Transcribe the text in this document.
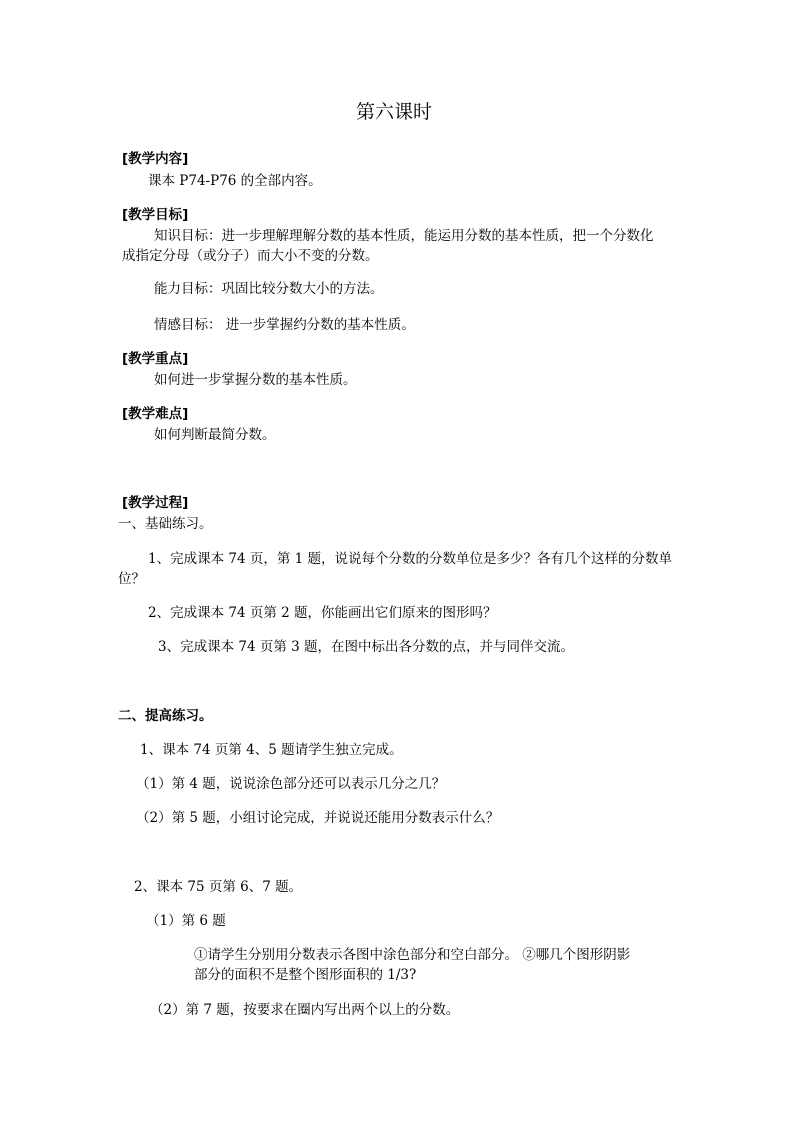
第六课时
[教学内容]
课本 P74-P76 的全部内容。
[教学目标]
知识目标：进一步理解理解分数的基本性质，能运用分数的基本性质，把一个分数化
成指定分母（或分子）而大小不变的分数。
能力目标：巩固比较分数大小的方法。
情感目标： 进一步掌握约分数的基本性质。
[教学重点]
如何进一步掌握分数的基本性质。
[教学难点]
如何判断最简分数。
[教学过程]
一、基础练习。
1、完成课本 74 页，第 1 题，说说每个分数的分数单位是多少？各有几个这样的分数单
位？
2、完成课本 74 页第 2 题，你能画出它们原来的图形吗？
3、完成课本 74 页第 3 题，在图中标出各分数的点，并与同伴交流。
二、提高练习。
1、课本 74 页第 4、5 题请学生独立完成。
（1）第 4 题，说说涂色部分还可以表示几分之几？
（2）第 5 题，小组讨论完成，并说说还能用分数表示什么？
2、课本 75 页第 6、7 题。
（1）第 6 题
①请学生分别用分数表示各图中涂色部分和空白部分。 ②哪几个图形阴影
部分的面积不是整个图形面积的 1/3?
（2）第 7 题，按要求在圈内写出两个以上的分数。
